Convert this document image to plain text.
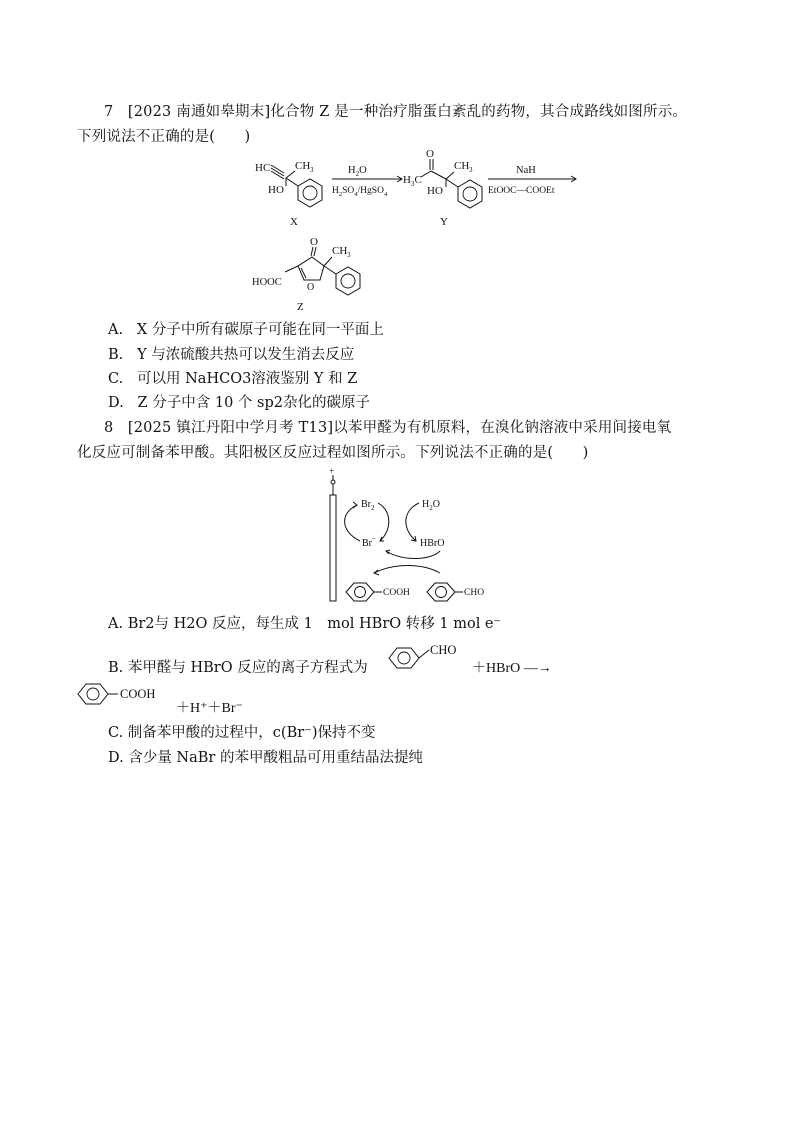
7 [2023 南通如皋期末]化合物 Z 是一种治疗脂蛋白紊乱的药物，其合成路线如图所示。
下列说法不正确的是(　　)
HC CH 3
HO
X
$H_2O$
$H_2SO_4/HgSO_4$
O
$H_3C$
CH 3
HO
Y
NaH
EtOOC—COOEt
O
O
CH 3
HOOC
Z
A. X 分子中所有碳原子可能在同一平面上
B. Y 与浓硫酸共热可以发生消去反应
C. 可以用 NaHCO3溶液鉴别 Y 和 Z
D. Z 分子中含 10 个 sp2杂化的碳原子
8 [2025 镇江丹阳中学月考 T13]以苯甲醛为有机原料，在溴化钠溶液中采用间接电氧
化反应可制备苯甲酸。其阳极区反应过程如图所示。下列说法不正确的是(　　)
+
$Br_2$
Br−
$H_2O$
HBrO
COOH	CHO
A. Br2与 H2O 反应，每生成 1　mol HBrO 转移 1 mol e⁻
B. 苯甲醛与 HBrO 反应的离子方程式为
CHO
＋HBrO —→
COOH
＋H⁺＋Br⁻
C. 制备苯甲酸的过程中，c(Br⁻)保持不变
D. 含少量 NaBr 的苯甲酸粗品可用重结晶法提纯
